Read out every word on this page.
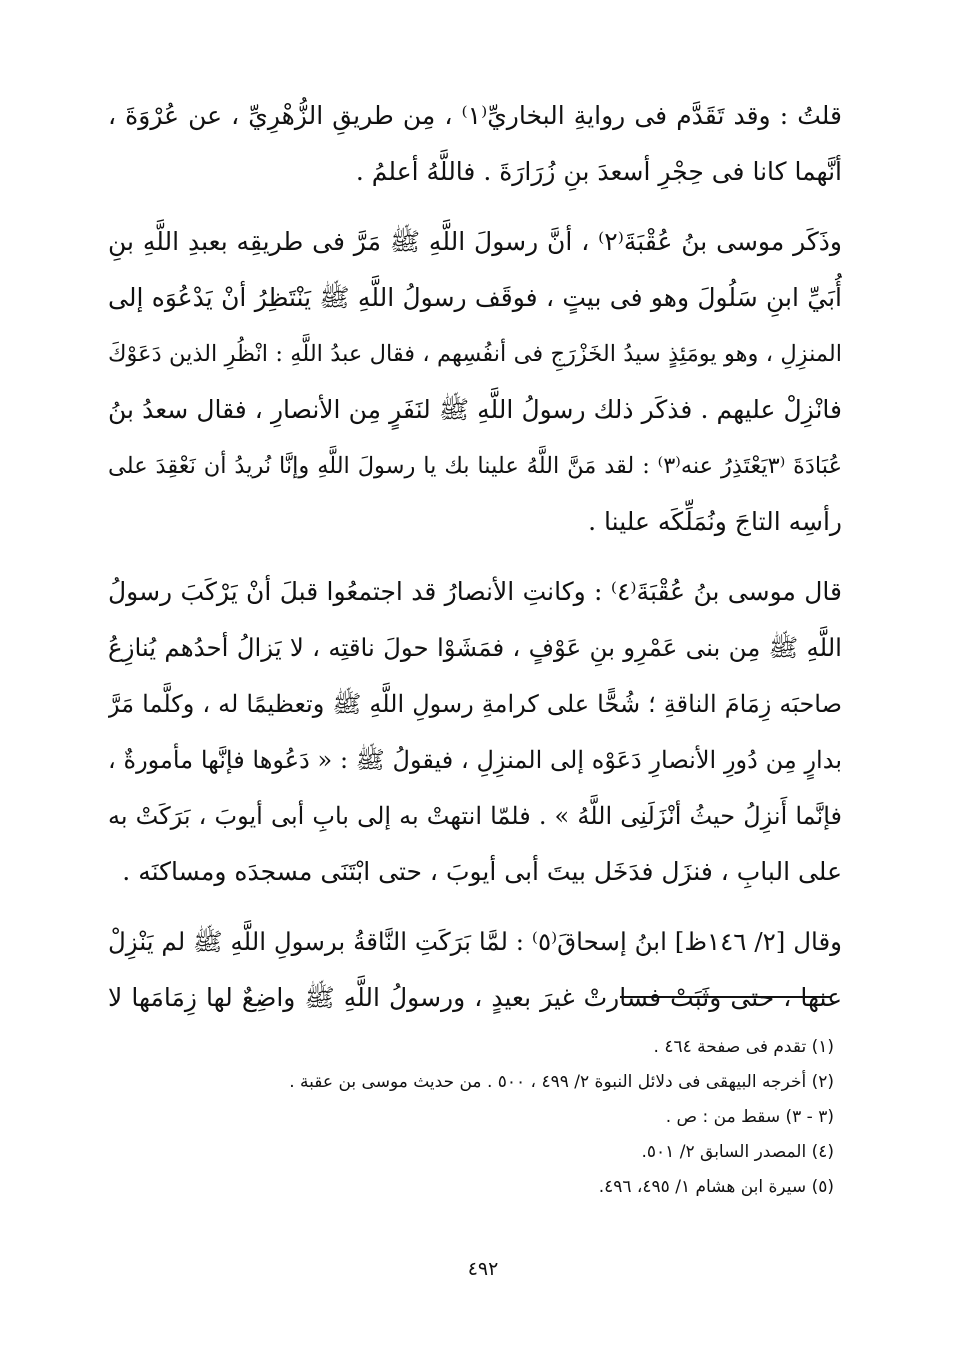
قلتُ : وقد تَقَدَّم فى روايةِ البخاريِّ⁽١⁾ ، مِن طريقِ الزُّهْرِيِّ ، عن عُرْوَةَ ،
أنَّهما كانا فى حِجْرِ أسعدَ بنِ زُرَارَةَ . فاللَّهُ أعلمُ .
وذَكَر موسى بنُ عُقْبَةَ⁽٢⁾ ، أنَّ رسولَ اللَّهِ ﷺ مَرَّ فى طريقِه بعبدِ اللَّهِ بنِ
أُبَيِّ ابنِ سَلُولَ وهو فى بيتٍ ، فوقَف رسولُ اللَّهِ ﷺ يَنْتَظِرُ أنْ يَدْعُوَه إلى
المنزِلِ ، وهو يومَئِذٍ سيدُ الخَزْرَجِ فى أنفُسِهم ، فقال عبدُ اللَّهِ : انْظُرِ الذين دَعَوْكَ
فانْزِلْ عليهم . فذكَر ذلك رسولُ اللَّهِ ﷺ لنَفَرٍ مِن الأنصارِ ، فقال سعدُ بنُ
عُبَادَةَ ⁽٣يَعْتَذِرُ عنه⁽٣⁾ : لقد مَنَّ اللَّهُ علينا بك يا رسولَ اللَّهِ وإنَّا نُريدُ أن نَعْقِدَ على
رأسِه التاجَ ونُمَلِّكَه علينا .
قال موسى بنُ عُقْبَةَ⁽٤⁾ : وكانتِ الأنصارُ قد اجتمعُوا قبلَ أنْ يَرْكَبَ رسولُ
اللَّهِ ﷺ مِن بنى عَمْرِو بنِ عَوْفٍ ، فمَشَوْا حولَ ناقتِه ، لا يَزالُ أحدُهم يُنازِعُ
صاحبَه زِمَامَ الناقةِ ؛ شُحًّا على كرامةِ رسولِ اللَّهِ ﷺ وتعظيمًا له ، وكلَّما مَرَّ
بدارٍ مِن دُورِ الأنصارِ دَعَوْه إلى المنزِلِ ، فيقولُ ﷺ : « دَعُوها فإنَّها مأمورةٌ ،
فإنَّما أَنزِلُ حيثُ أنْزَلَنِى اللَّهُ » . فلمّا انتهتْ به إلى بابِ أبى أيوبَ ، بَرَكَتْ به
على البابِ ، فنزَل فدَخَل بيتَ أبى أيوبَ ، حتى ابْتَنَى مسجدَه ومساكنَه .
وقال [٢/ ١٤٦ظ] ابنُ إسحاقَ⁽٥⁾ : لمَّا بَرَكَتِ النَّاقةُ برسولِ اللَّهِ ﷺ لم يَنْزِلْ
عنها ، حتى وثَبَتْ فسارتْ غيرَ بعيدٍ ، ورسولُ اللَّهِ ﷺ واضِعٌ لها زِمَامَها لا
(١) تقدم فى صفحة ٤٦٤ .
(٢) أخرجه البيهقى فى دلائل النبوة ٢/ ٤٩٩ ، ٥٠٠ . من حديث موسى بن عقبة .
(٣ - ٣) سقط من : ص .
(٤) المصدر السابق ٢/ ٥٠١.
(٥) سيرة ابن هشام ١/ ٤٩٥، ٤٩٦.
٤٩٢
